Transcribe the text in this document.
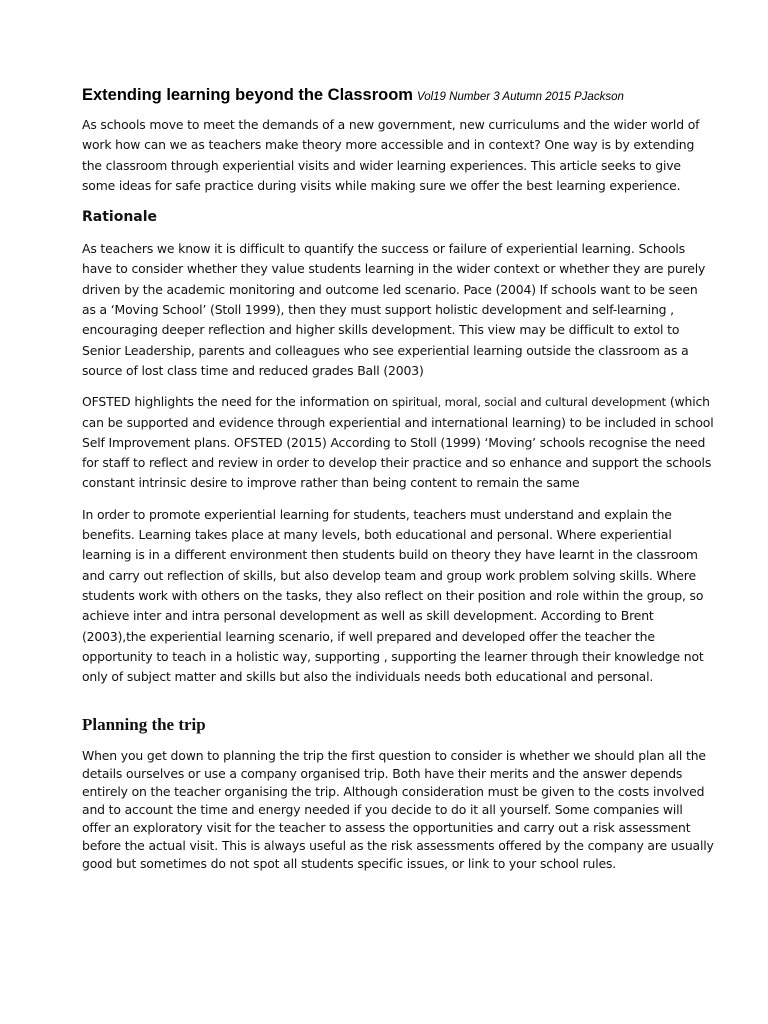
Extending learning beyond the Classroom Vol19 Number 3 Autumn 2015 PJackson

As schools move to meet the demands of a new government, new curriculums and the wider world of work how can we as teachers make theory more accessible and in context? One way is by extending the classroom through experiential visits and wider learning experiences. This article seeks to give some ideas for safe practice during visits while making sure we offer the best learning experience.

Rationale

As teachers we know it is difficult to quantify the success or failure of experiential learning. Schools have to consider whether they value students learning in the wider context or whether they are purely driven by the academic monitoring and outcome led scenario. Pace (2004) If schools want to be seen as a ‘Moving School’ (Stoll 1999), then they must support holistic development and self-learning , encouraging deeper reflection and higher skills development. This view may be difficult to extol to Senior Leadership, parents and colleagues who see experiential learning outside the classroom as a source of lost class time and reduced grades Ball (2003)

OFSTED highlights the need for the information on spiritual, moral, social and cultural development (which can be supported and evidence through experiential and international learning) to be included in school Self Improvement plans. OFSTED (2015) According to Stoll (1999) ‘Moving’ schools recognise the need for staff to reflect and review in order to develop their practice and so enhance and support the schools constant intrinsic desire to improve rather than being content to remain the same

In order to promote experiential learning for students, teachers must understand and explain the benefits. Learning takes place at many levels, both educational and personal. Where experiential learning is in a different environment then students build on theory they have learnt in the classroom and carry out reflection of skills, but also develop team and group work problem solving skills. Where students work with others on the tasks, they also reflect on their position and role within the group, so achieve inter and intra personal development as well as skill development. According to Brent (2003),the experiential learning scenario, if well prepared and developed offer the teacher the opportunity to teach in a holistic way, supporting , supporting the learner through their knowledge not only of subject matter and skills but also the individuals needs both educational and personal.

Planning the trip

When you get down to planning the trip the first question to consider is whether we should plan all the details ourselves or use a company organised trip. Both have their merits and the answer depends entirely on the teacher organising the trip. Although consideration must be given to the costs involved and to account the time and energy needed if you decide to do it all yourself. Some companies will offer an exploratory visit for the teacher to assess the opportunities and carry out a risk assessment before the actual visit. This is always useful as the risk assessments offered by the company are usually good but sometimes do not spot all students specific issues, or link to your school rules.
